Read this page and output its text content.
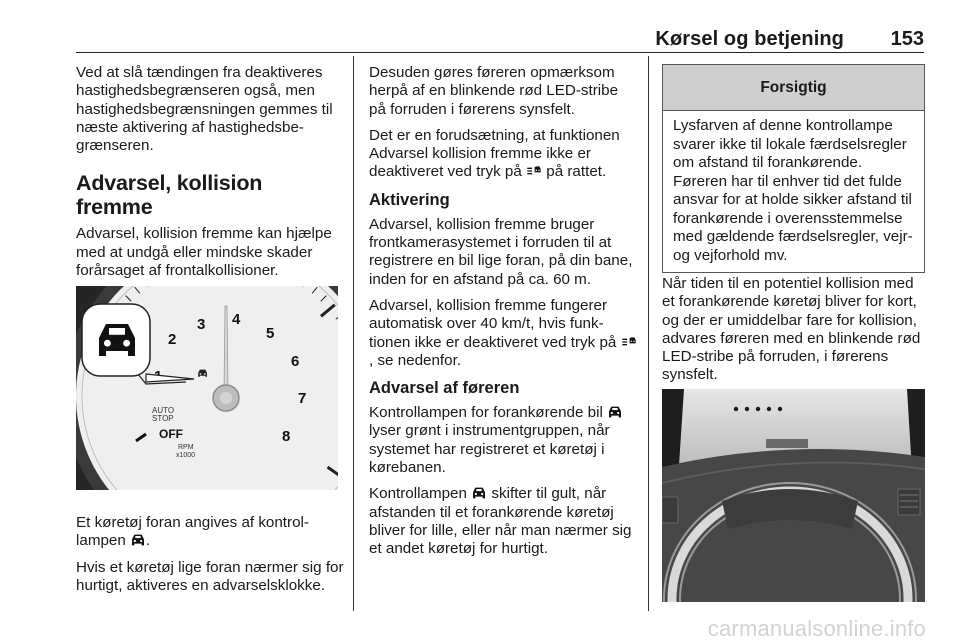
Kørsel og betjening 153

Ved at slå tændingen fra deaktiveres hastighedsbegrænseren også, men hastighedsbegrænsningen gemmes til næste aktivering af hastighedsbegrænseren.

Advarsel, kollision fremme

Advarsel, kollision fremme kan hjælpe med at undgå eller mindske skader forårsaget af frontalkollisioner.

2
3 4
5
6
7
8
AUTO
STOP
OFF
RPM
x1000

Et køretøj foran angives af kontrollampen .

Hvis et køretøj lige foran nærmer sig for hurtigt, aktiveres en advarselsklokke.

Desuden gøres føreren opmærksom herpå af en blinkende rød LED-stribe på forruden i førerens synsfelt.

Det er en forudsætning, at funktionen Advarsel kollision fremme ikke er deaktiveret ved tryk på på rattet.

Aktivering

Advarsel, kollision fremme bruger frontkamerasystemet i forruden til at registrere en bil lige foran, på din bane, inden for en afstand på ca. 60 m.

Advarsel, kollision fremme fungerer automatisk over 40 km/t, hvis funktionen ikke er deaktiveret ved tryk på , se nedenfor.

Advarsel af føreren

Kontrollampen for forankørende bil  lyser grønt i instrumentgruppen, når systemet har registreret et køretøj i kørebanen.

Kontrollampen skifter til gult, når afstanden til et forankørende køretøj bliver for lille, eller når man nærmer sig et andet køretøj for hurtigt.

Forsigtig
Lysfarven af denne kontrollampe svarer ikke til lokale færdselsregler om afstand til forankørende. Føreren har til enhver tid det fulde ansvar for at holde sikker afstand til forankørende i overensstemmelse med gældende færdselsregler, vejr- og vejforhold mv.

Når tiden til en potentiel kollision med et forankørende køretøj bliver for kort, og der er umiddelbar fare for kollision, advares føreren med en blinkende rød LED-stribe på forruden, i førerens synsfelt.

carmanualsonline.info
